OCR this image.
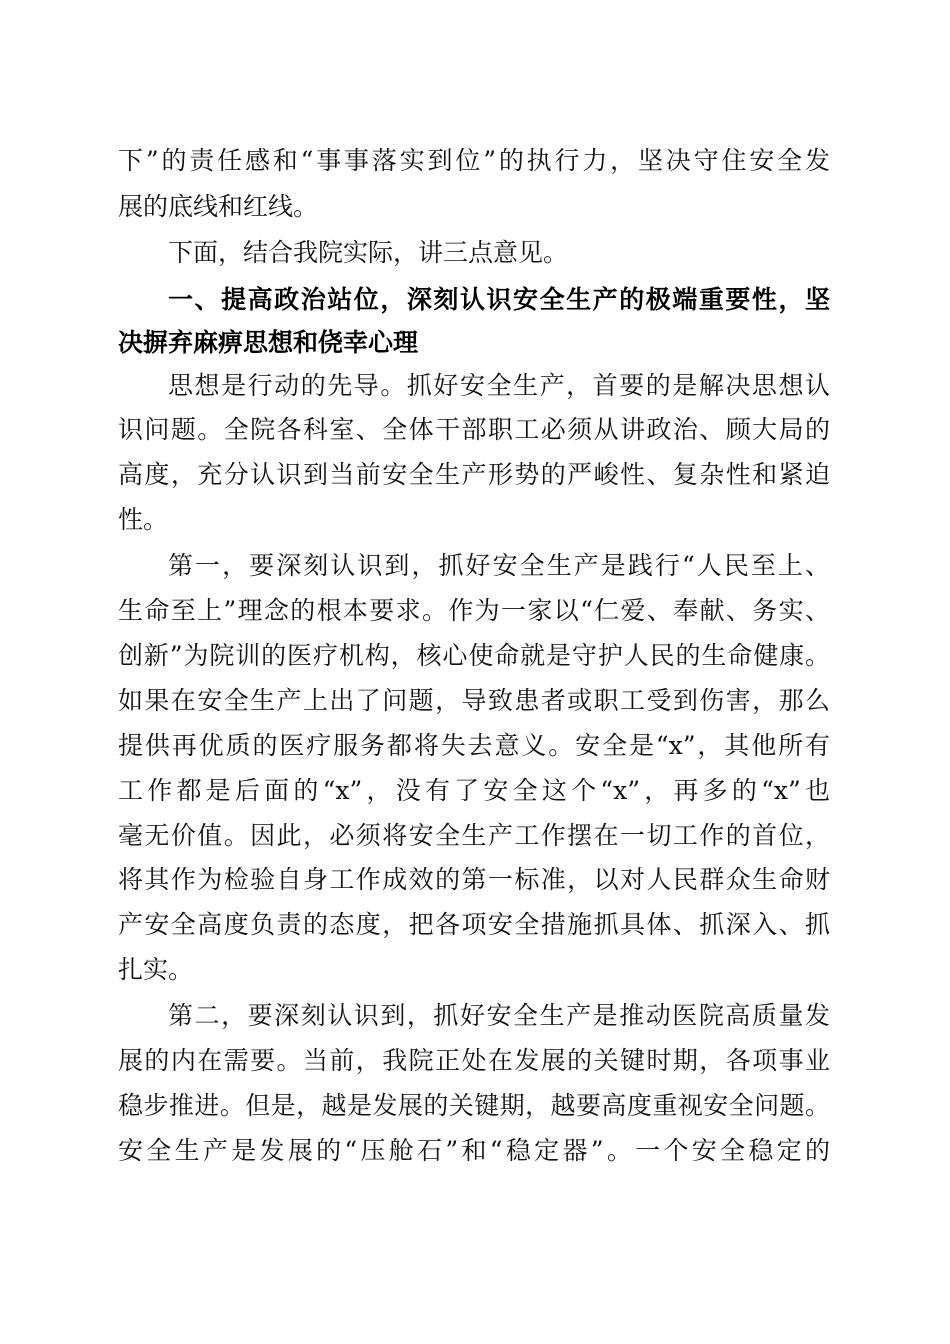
下”的责任感和“事事落实到位”的执行力，坚决守住安全发

展的底线和红线。

下面，结合我院实际，讲三点意见。

一、提高政治站位，深刻认识安全生产的极端重要性，坚

决摒弃麻痹思想和侥幸心理

思想是行动的先导。抓好安全生产，首要的是解决思想认

识问题。全院各科室、全体干部职工必须从讲政治、顾大局的

高度，充分认识到当前安全生产形势的严峻性、复杂性和紧迫

性。

第一，要深刻认识到，抓好安全生产是践行“人民至上、

生命至上”理念的根本要求。作为一家以“仁爱、奉献、务实、

创新”为院训的医疗机构，核心使命就是守护人民的生命健康。

如果在安全生产上出了问题，导致患者或职工受到伤害，那么

提供再优质的医疗服务都将失去意义。安全是“x”，其他所有

工作都是后面的“x”，没有了安全这个“x”，再多的“x”也

毫无价值。因此，必须将安全生产工作摆在一切工作的首位，

将其作为检验自身工作成效的第一标准，以对人民群众生命财

产安全高度负责的态度，把各项安全措施抓具体、抓深入、抓

扎实。

第二，要深刻认识到，抓好安全生产是推动医院高质量发

展的内在需要。当前，我院正处在发展的关键时期，各项事业

稳步推进。但是，越是发展的关键期，越要高度重视安全问题。

安全生产是发展的“压舱石”和“稳定器”。一个安全稳定的
